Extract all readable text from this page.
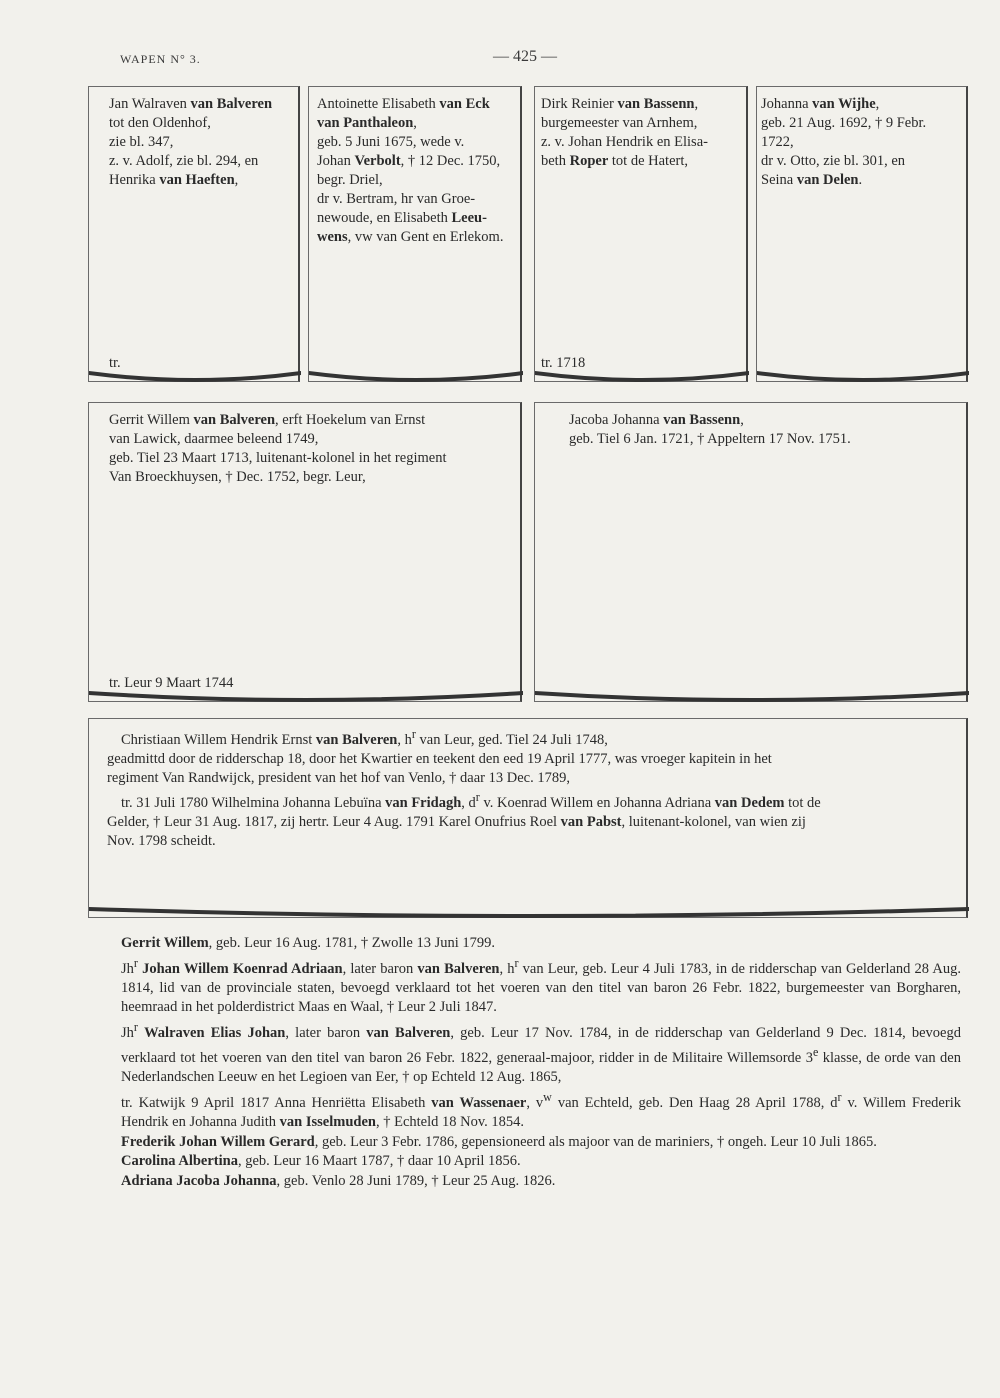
WAPEN N° 3.	— 425 —
Jan Walraven van Balveren
tot den Oldenhof,
zie bl. 347,
z. v. Adolf, zie bl. 294, en
Henrika van Haeften,
tr.
Antoinette Elisabeth van Eck
van Panthaleon,
geb. 5 Juni 1675, wede v.
Johan Verbolt, † 12 Dec. 1750,
begr. Driel,
dr v. Bertram, hr van Groe-
newoude, en Elisabeth Leeu-
wens, vw van Gent en Erlekom.
Dirk Reinier van Bassenn,
burgemeester van Arnhem,
z. v. Johan Hendrik en Elisa-
beth Roper tot de Hatert,
tr. 1718
Johanna van Wijhe,
geb. 21 Aug. 1692, † 9 Febr.
1722,
dr v. Otto, zie bl. 301, en
Seina van Delen.
Gerrit Willem van Balveren, erft Hoekelum van Ernst
van Lawick, daarmee beleend 1749,
geb. Tiel 23 Maart 1713, luitenant-kolonel in het regiment
Van Broeckhuysen, † Dec. 1752, begr. Leur,
tr. Leur 9 Maart 1744
Jacoba Johanna van Bassenn,
geb. Tiel 6 Jan. 1721, † Appeltern 17 Nov. 1751.
Christiaan Willem Hendrik Ernst van Balveren, $h^r$ van Leur, ged. Tiel 24 Juli 1748,
geadmittd door de ridderschap 18, door het Kwartier en teekent den eed 19 April 1777, was vroeger kapitein in het
regiment Van Randwijck, president van het hof van Venlo, † daar 13 Dec. 1789,
tr. 31 Juli 1780 Wilhelmina Johanna Lebuïna van Fridagh, $d^r$ v. Koenrad Willem en Johanna Adriana van Dedem tot de
Gelder, † Leur 31 Aug. 1817, zij hertr. Leur 4 Aug. 1791 Karel Onufrius Roel van Pabst, luitenant-kolonel, van wien zij
Nov. 1798 scheidt.

Gerrit Willem, geb. Leur 16 Aug. 1781, † Zwolle 13 Juni 1799.

Jh$^r$ Johan Willem Koenrad Adriaan, later baron van Balveren, $h^r$ van Leur, geb. Leur 4 Juli 1783, in de ridderschap van Gelderland 28 Aug. 1814, lid van de provinciale staten, bevoegd verklaard tot het voeren van den titel van baron 26 Febr. 1822, burgemeester van Borgharen, heemraad in het polderdistrict Maas en Waal, † Leur 2 Juli 1847.

Jh$^r$ Walraven Elias Johan, later baron van Balveren, geb. Leur 17 Nov. 1784, in de ridderschap van Gelderland 9 Dec. 1814, bevoegd verklaard tot het voeren van den titel van baron 26 Febr. 1822, generaal-majoor, ridder in de Militaire Willemsorde 3e klasse, de orde van den Nederlandschen Leeuw en het Legioen van Eer, † op Echteld 12 Aug. 1865,

tr. Katwijk 9 April 1817 Anna Henriëtta Elisabeth van Wassenaer, $v^w$ van Echteld, geb. Den Haag 28 April 1788, $d^r$ v. Willem Frederik Hendrik en Johanna Judith van Isselmuden, † Echteld 18 Nov. 1854.

Frederik Johan Willem Gerard, geb. Leur 3 Febr. 1786, gepensioneerd als majoor van de mariniers, † ongeh. Leur 10 Juli 1865.

Carolina Albertina, geb. Leur 16 Maart 1787, † daar 10 April 1856.

Adriana Jacoba Johanna, geb. Venlo 28 Juni 1789, † Leur 25 Aug. 1826.
